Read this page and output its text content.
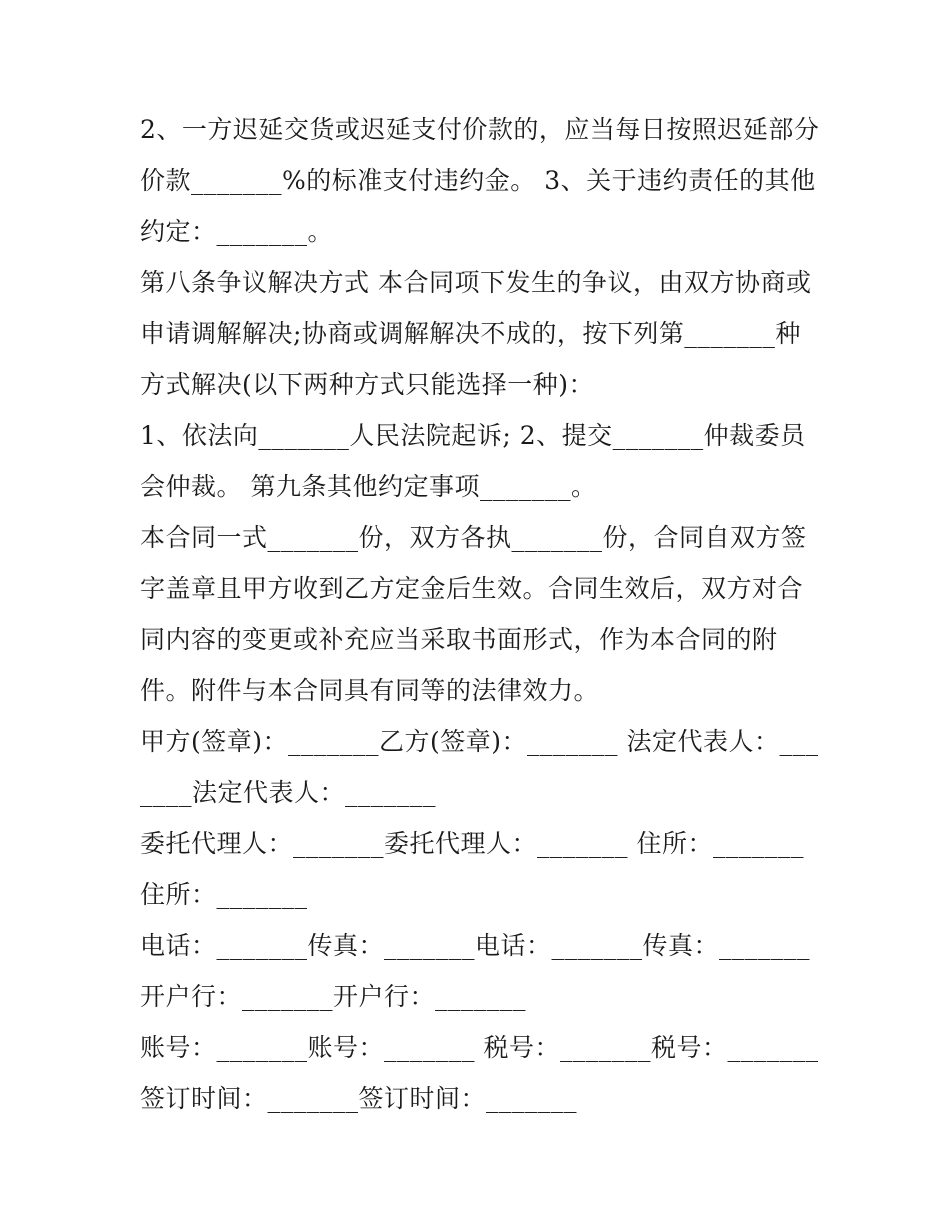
2、一方迟延交货或迟延支付价款的，应当每日按照迟延部分价款_______%的标准支付违约金。 3、关于违约责任的其他约定：_______。

第八条争议解决方式 本合同项下发生的争议，由双方协商或申请调解解决;协商或调解解决不成的，按下列第_______种方式解决(以下两种方式只能选择一种)：

1、依法向_______人民法院起诉; 2、提交_______仲裁委员会仲裁。 第九条其他约定事项_______。

本合同一式_______份，双方各执_______份，合同自双方签字盖章且甲方收到乙方定金后生效。合同生效后，双方对合同内容的变更或补充应当采取书面形式，作为本合同的附件。附件与本合同具有同等的法律效力。

甲方(签章)：_______乙方(签章)：_______ 法定代表人：_______法定代表人：_______

委托代理人：_______委托代理人：_______ 住所：_______住所：_______

电话：_______传真：_______电话：_______传真：_______ 开户行：_______开户行：_______

账号：_______账号：_______ 税号：_______税号：_______ 签订时间：_______签订时间：_______
